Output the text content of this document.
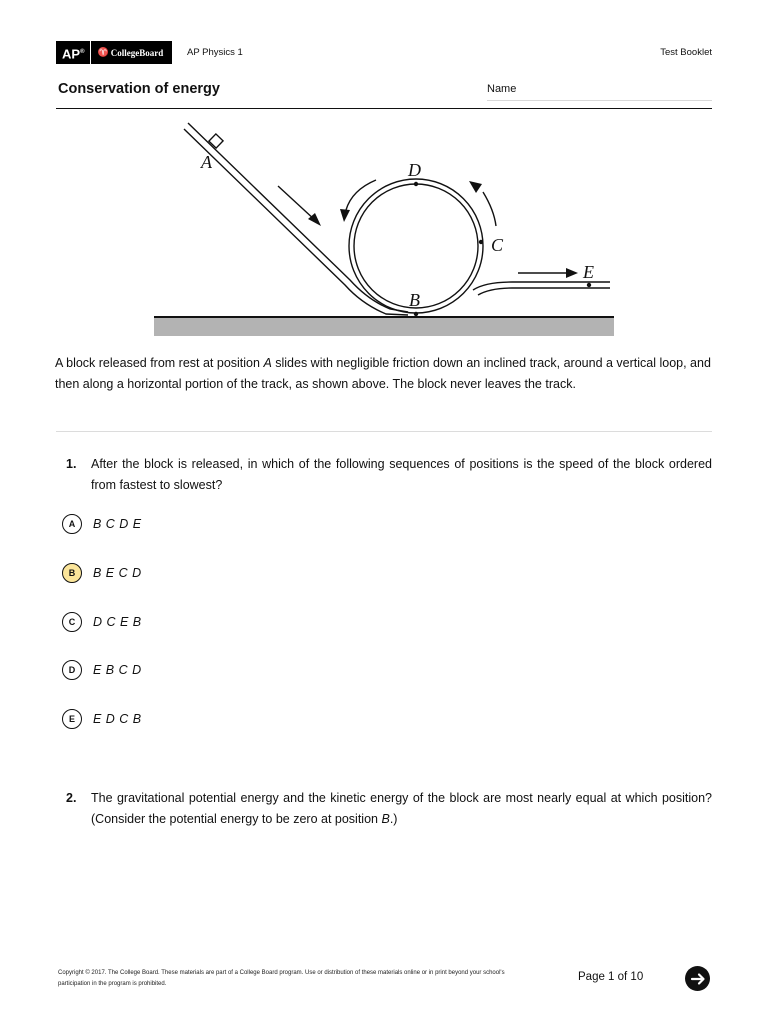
AP®	♈ CollegeBoard	AP Physics 1	Test Booklet
Conservation of energy	Name
A	D
C
E
B
A block released from rest at position A slides with negligible friction down an inclined track, around a vertical loop, and then along a horizontal portion of the track, as shown above. The block never leaves the track.
1. After the block is released, in which of the following sequences of positions is the speed of the block ordered from fastest to slowest?
A	B C D E
B	B E C D
C	D C E B
D	E B C D
E	E D C B
2. The gravitational potential energy and the kinetic energy of the block are most nearly equal at which position? (Consider the potential energy to be zero at position B.)
Copyright © 2017. The College Board. These materials are part of a College Board program. Use or distribution of these materials online or in print beyond your school's participation in the program is prohibited.
Page 1 of 10
